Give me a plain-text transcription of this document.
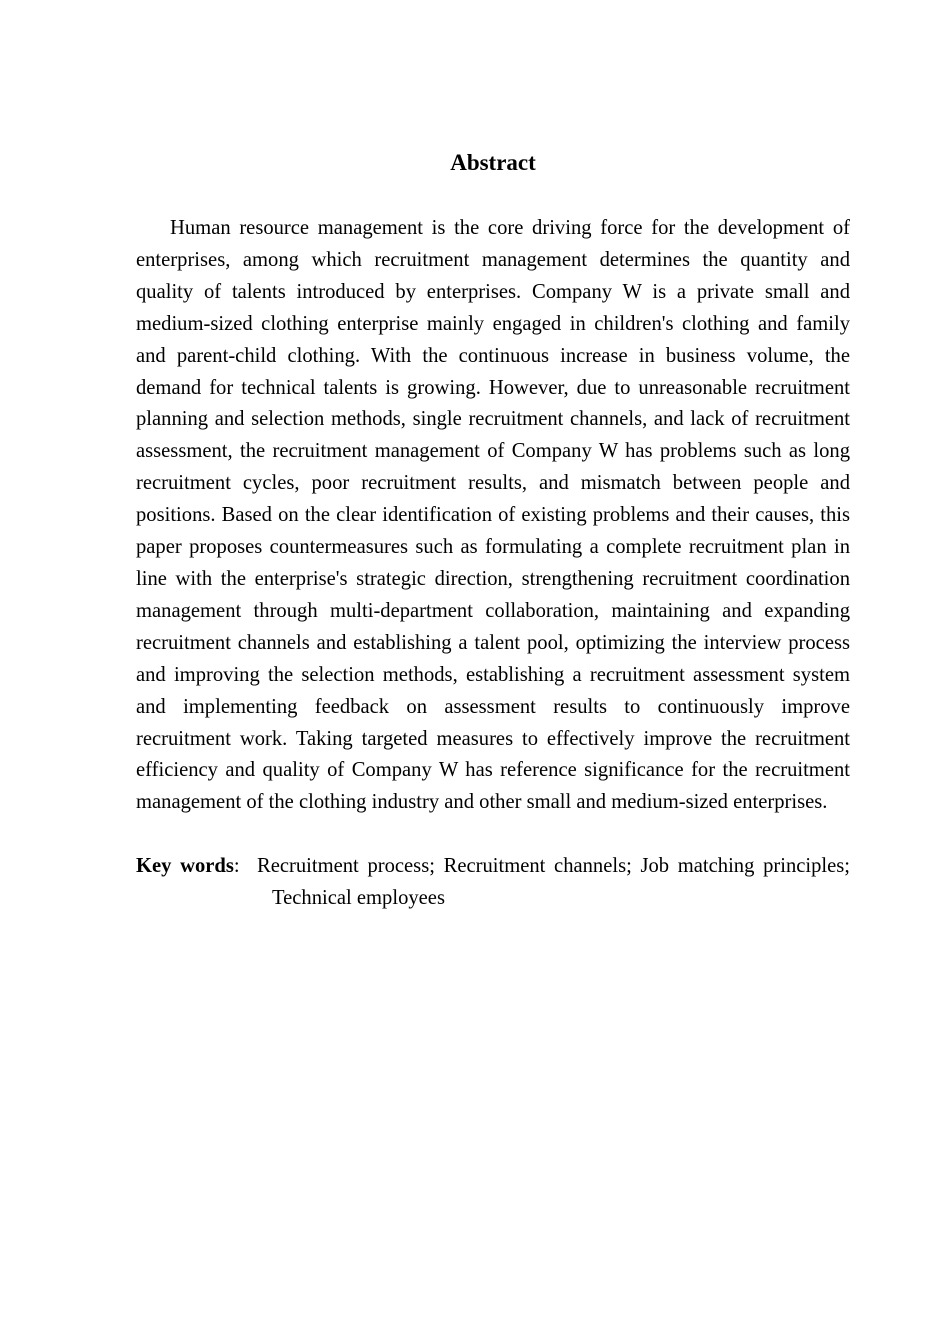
Abstract

Human resource management is the core driving force for the development of enterprises, among which recruitment management determines the quantity and quality of talents introduced by enterprises. Company W is a private small and medium-sized clothing enterprise mainly engaged in children's clothing and family and parent-child clothing. With the continuous increase in business volume, the demand for technical talents is growing. However, due to unreasonable recruitment planning and selection methods, single recruitment channels, and lack of recruitment assessment, the recruitment management of Company W has problems such as long recruitment cycles, poor recruitment results, and mismatch between people and positions. Based on the clear identification of existing problems and their causes, this paper proposes countermeasures such as formulating a complete recruitment plan in line with the enterprise's strategic direction, strengthening recruitment coordination management through multi-department collaboration, maintaining and expanding recruitment channels and establishing a talent pool, optimizing the interview process and improving the selection methods, establishing a recruitment assessment system and implementing feedback on assessment results to continuously improve recruitment work. Taking targeted measures to effectively improve the recruitment efficiency and quality of Company W has reference significance for the recruitment management of the clothing industry and other small and medium-sized enterprises.

Key words: Recruitment process; Recruitment channels; Job matching principles; Technical employees
